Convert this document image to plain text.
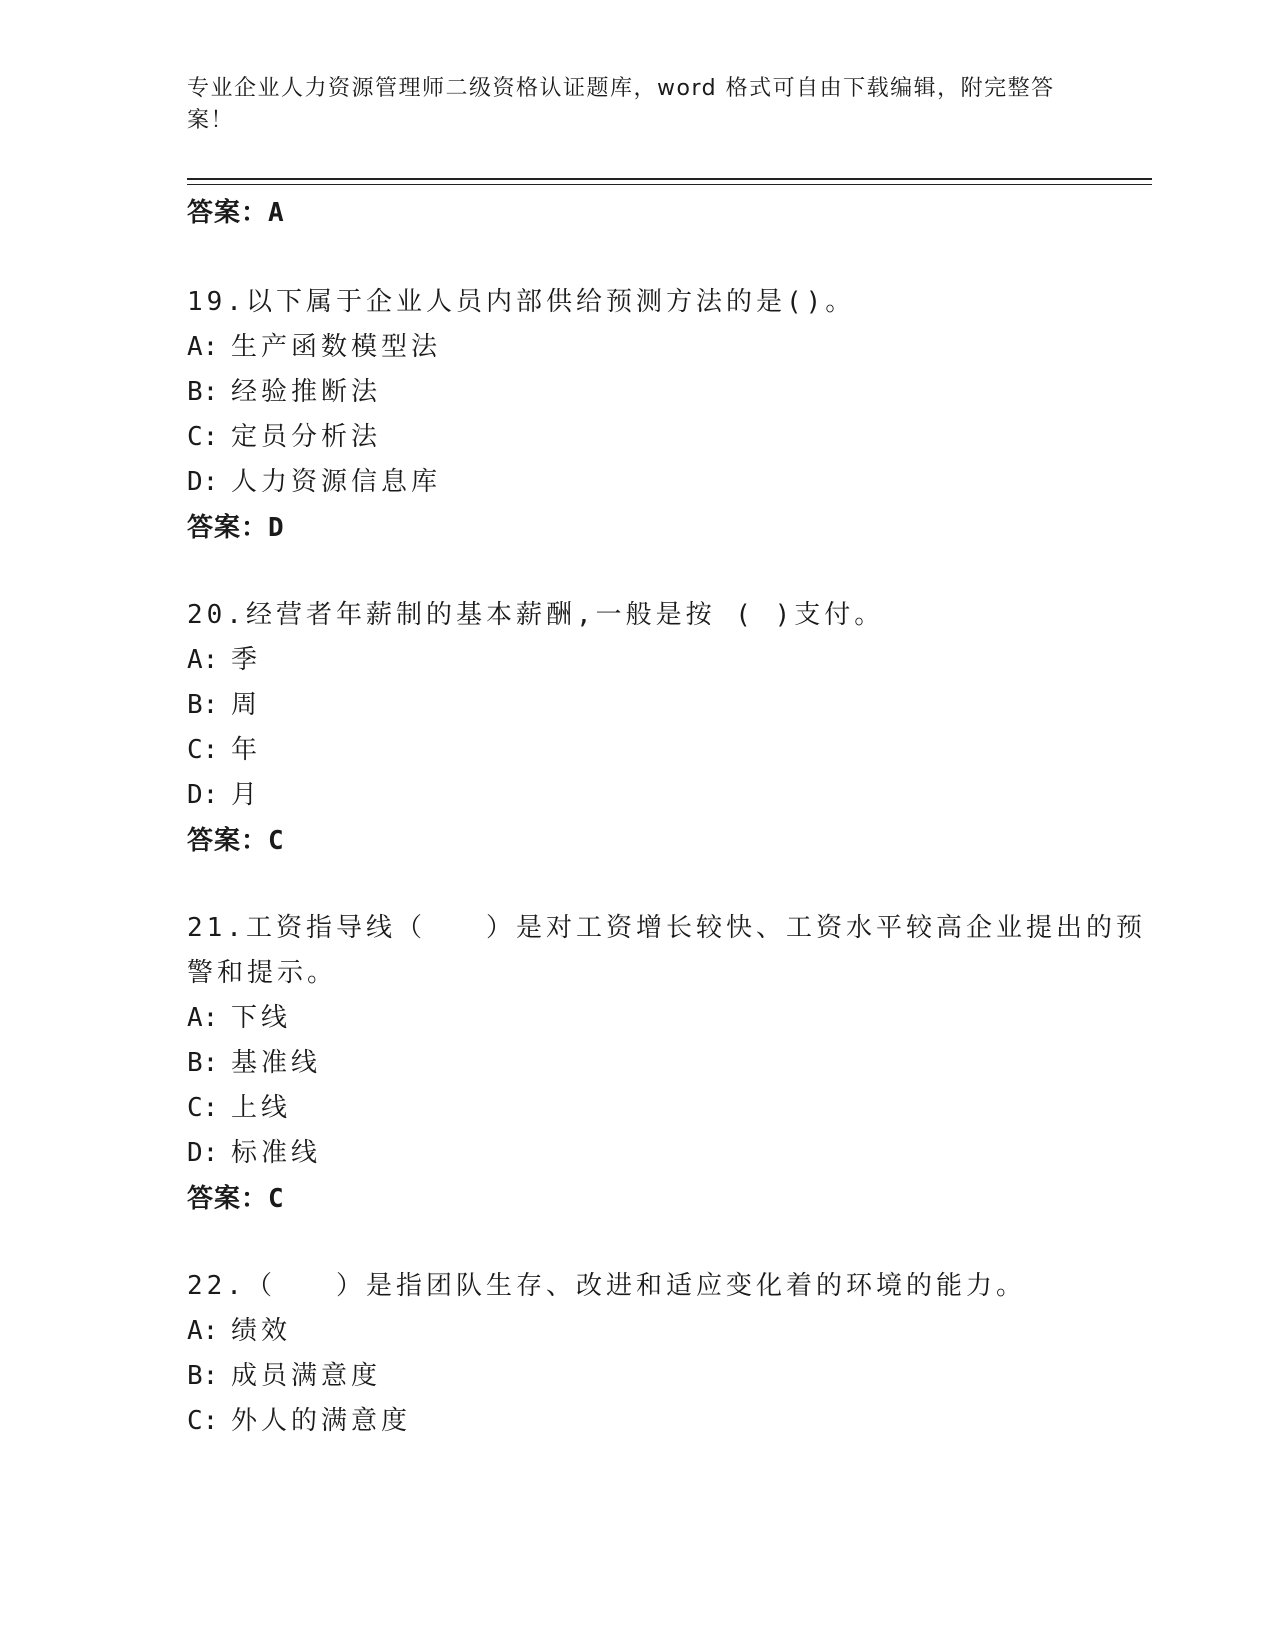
专业企业人力资源管理师二级资格认证题库，word 格式可自由下载编辑，附完整答案！
答案：A
19.以下属于企业人员内部供给预测方法的是()。
A: 生产函数模型法
B: 经验推断法
C: 定员分析法
D: 人力资源信息库
答案：D
20.经营者年薪制的基本薪酬,一般是按 ( )支付。
A: 季
B: 周
C: 年
D: 月
答案：C
21.工资指导线（　　）是对工资增长较快、工资水平较高企业提出的预警和提示。
A: 下线
B: 基准线
C: 上线
D: 标准线
答案：C
22.（　　）是指团队生存、改进和适应变化着的环境的能力。
A: 绩效
B: 成员满意度
C: 外人的满意度
